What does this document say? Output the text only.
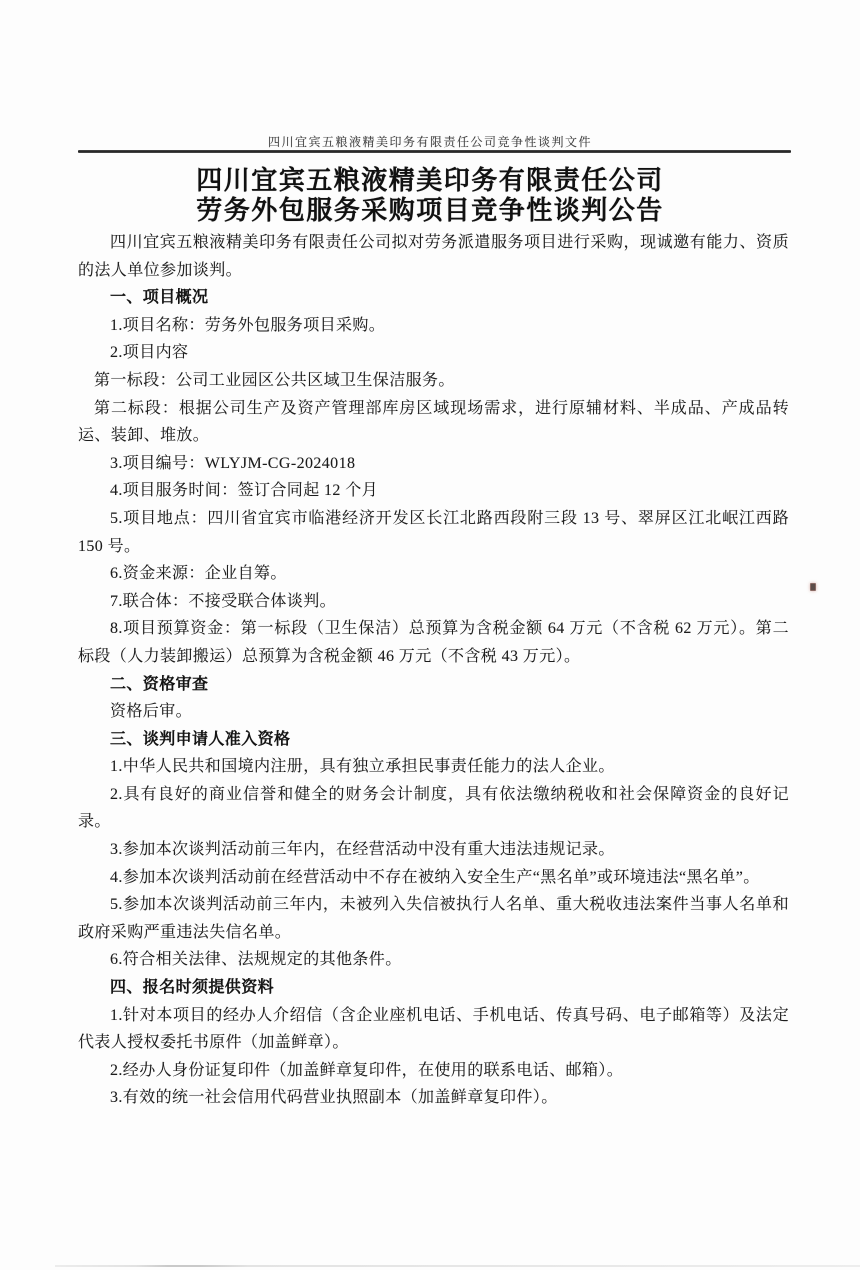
四川宜宾五粮液精美印务有限责任公司竞争性谈判文件
四川宜宾五粮液精美印务有限责任公司
劳务外包服务采购项目竞争性谈判公告

四川宜宾五粮液精美印务有限责任公司拟对劳务派遣服务项目进行采购，现诚邀有能力、资质的法人单位参加谈判。

一、项目概况

1.项目名称：劳务外包服务项目采购。

2.项目内容

第一标段：公司工业园区公共区域卫生保洁服务。

第二标段：根据公司生产及资产管理部库房区域现场需求，进行原辅材料、半成品、产成品转运、装卸、堆放。

3.项目编号：WLYJM-CG-2024018

4.项目服务时间：签订合同起 12 个月

5.项目地点：四川省宜宾市临港经济开发区长江北路西段附三段 13 号、翠屏区江北岷江西路 150 号。

6.资金来源：企业自筹。

7.联合体：不接受联合体谈判。

8.项目预算资金：第一标段（卫生保洁）总预算为含税金额 64 万元（不含税 62 万元）。第二标段（人力装卸搬运）总预算为含税金额 46 万元（不含税 43 万元）。

二、资格审查

资格后审。

三、谈判申请人准入资格

1.中华人民共和国境内注册，具有独立承担民事责任能力的法人企业。

2.具有良好的商业信誉和健全的财务会计制度，具有依法缴纳税收和社会保障资金的良好记录。

3.参加本次谈判活动前三年内，在经营活动中没有重大违法违规记录。

4.参加本次谈判活动前在经营活动中不存在被纳入安全生产“黑名单”或环境违法“黑名单”。

5.参加本次谈判活动前三年内，未被列入失信被执行人名单、重大税收违法案件当事人名单和政府采购严重违法失信名单。

6.符合相关法律、法规规定的其他条件。

四、报名时须提供资料

1.针对本项目的经办人介绍信（含企业座机电话、手机电话、传真号码、电子邮箱等）及法定代表人授权委托书原件（加盖鲜章）。

2.经办人身份证复印件（加盖鲜章复印件，在使用的联系电话、邮箱）。

3.有效的统一社会信用代码营业执照副本（加盖鲜章复印件）。
